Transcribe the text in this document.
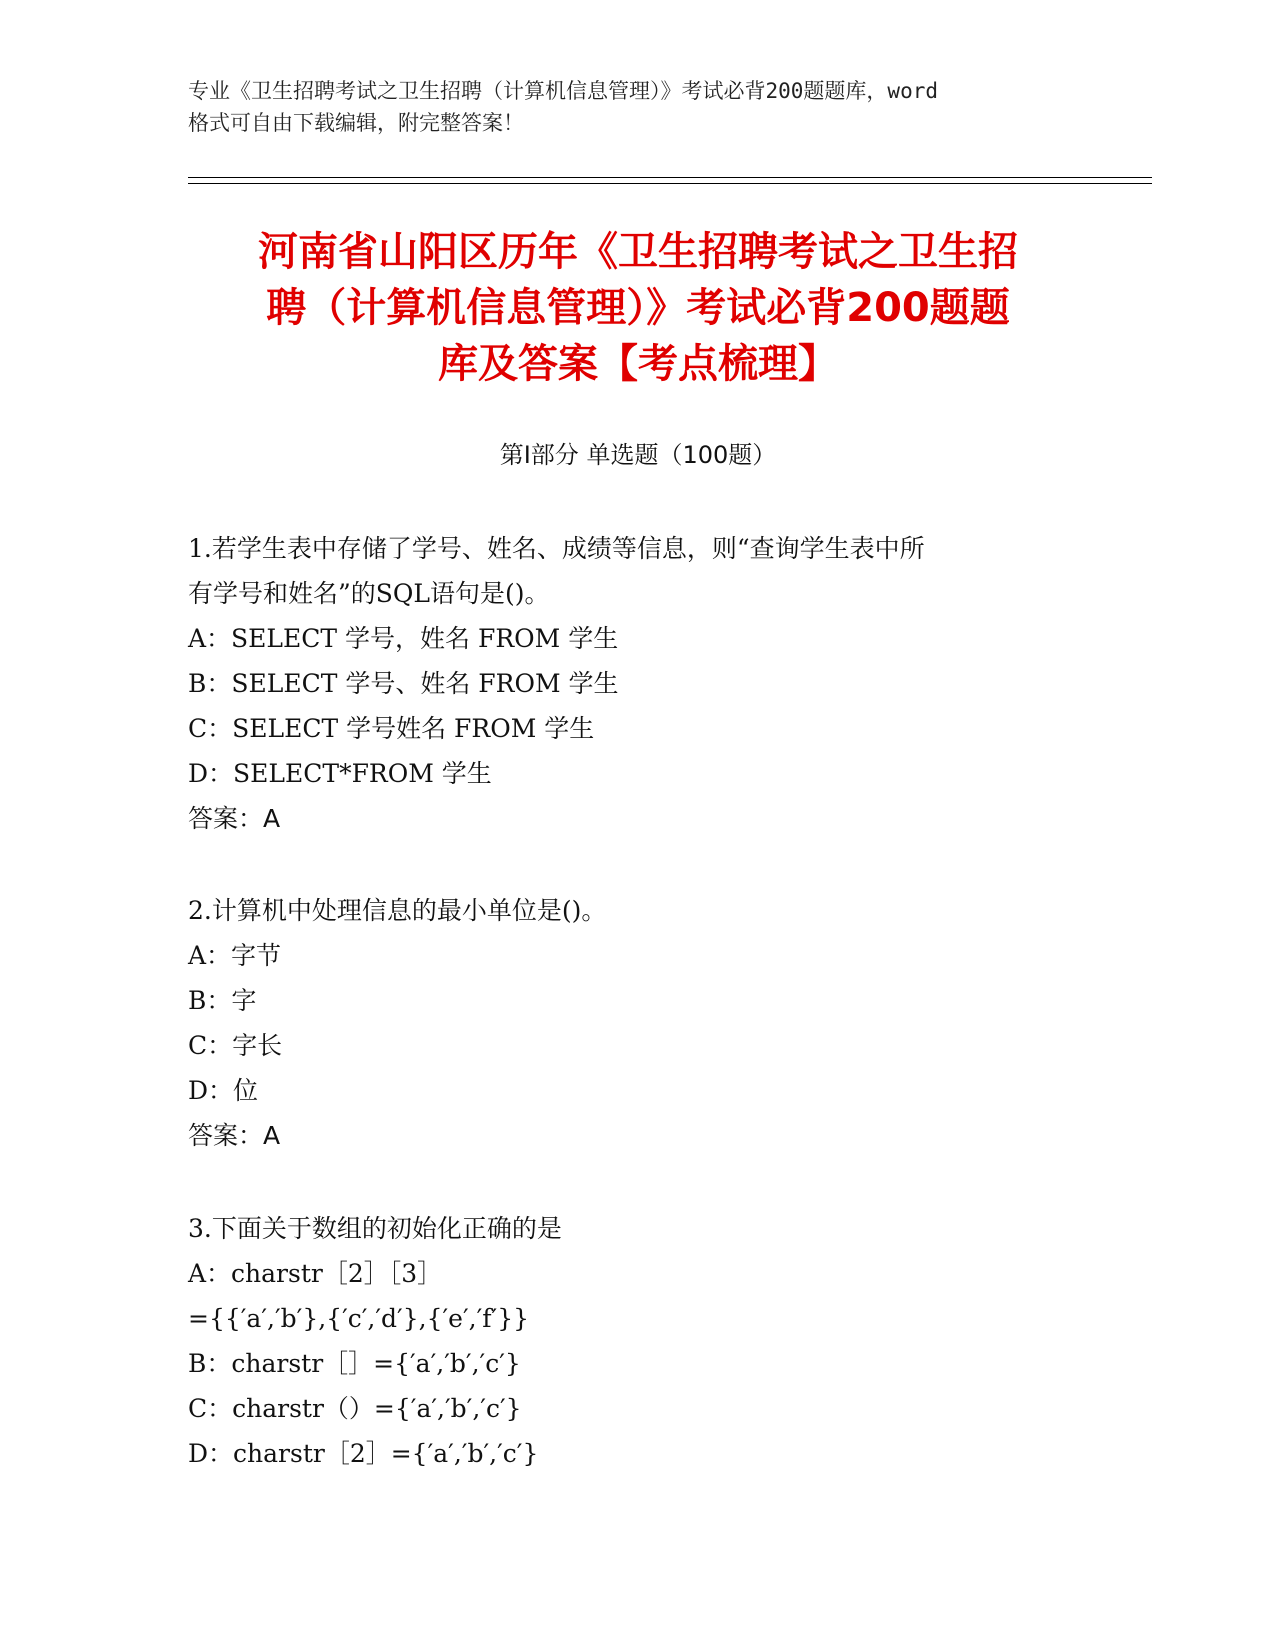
专业《卫生招聘考试之卫生招聘（计算机信息管理）》考试必背200题题库，word
格式可自由下载编辑，附完整答案！
河南省山阳区历年《卫生招聘考试之卫生招
聘（计算机信息管理）》考试必背200题题
库及答案【考点梳理】
第Ⅰ部分 单选题（100题）

1.若学生表中存储了学号、姓名、成绩等信息，则“查询学生表中所

有学号和姓名”的SQL语句是()。

A：SELECT 学号，姓名 FROM 学生

B：SELECT 学号、姓名 FROM 学生

C：SELECT 学号姓名 FROM 学生

D：SELECT*FROM 学生

答案：A

2.计算机中处理信息的最小单位是()。

A：字节

B：字

C：字长

D：位

答案：A

3.下面关于数组的初始化正确的是

A：charstr［2］［3］

={{′a′,′b′},{′c′,′d′},{′e′,′f′}}

B：charstr［］={′a′,′b′,′c′}

C：charstr（）={′a′,′b′,′c′}

D：charstr［2］={′a′,′b′,′c′}
